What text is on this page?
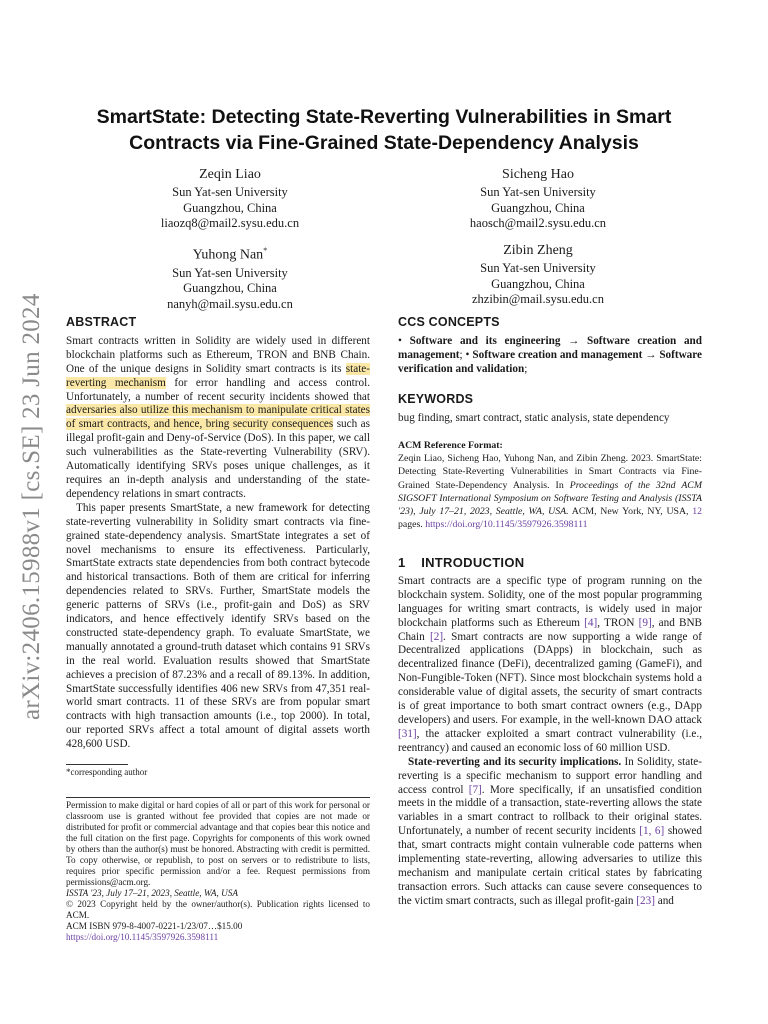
arXiv:2406.15988v1 [cs.SE] 23 Jun 2024
SmartState: Detecting State-Reverting Vulnerabilities in Smart
Contracts via Fine-Grained State-Dependency Analysis
Zeqin Liao
Sun Yat-sen University
Guangzhou, China
liaozq8@mail2.sysu.edu.cn
Sicheng Hao
Sun Yat-sen University
Guangzhou, China
haosch@mail2.sysu.edu.cn
Yuhong Nan*
Sun Yat-sen University
Guangzhou, China
nanyh@mail.sysu.edu.cn
Zibin Zheng
Sun Yat-sen University
Guangzhou, China
zhzibin@mail.sysu.edu.cn
ABSTRACT

Smart contracts written in Solidity are widely used in different blockchain platforms such as Ethereum, TRON and BNB Chain. One of the unique designs in Solidity smart contracts is its state-reverting mechanism for error handling and access control. Unfortunately, a number of recent security incidents showed that adversaries also utilize this mechanism to manipulate critical states of smart contracts, and hence, bring security consequences such as illegal profit-gain and Deny-of-Service (DoS). In this paper, we call such vulnerabilities as the State-reverting Vulnerability (SRV). Automatically identifying SRVs poses unique challenges, as it requires an in-depth analysis and understanding of the state-dependency relations in smart contracts.

This paper presents SmartState, a new framework for detecting state-reverting vulnerability in Solidity smart contracts via fine-grained state-dependency analysis. SmartState integrates a set of novel mechanisms to ensure its effectiveness. Particularly, SmartState extracts state dependencies from both contract bytecode and historical transactions. Both of them are critical for inferring dependencies related to SRVs. Further, SmartState models the generic patterns of SRVs (i.e., profit-gain and DoS) as SRV indicators, and hence effectively identify SRVs based on the constructed state-dependency graph. To evaluate SmartState, we manually annotated a ground-truth dataset which contains 91 SRVs in the real world. Evaluation results showed that SmartState achieves a precision of 87.23% and a recall of 89.13%. In addition, SmartState successfully identifies 406 new SRVs from 47,351 real-world smart contracts. 11 of these SRVs are from popular smart contracts with high transaction amounts (i.e., top 2000). In total, our reported SRVs affect a total amount of digital assets worth 428,600 USD.

*corresponding author
Permission to make digital or hard copies of all or part of this work for personal or classroom use is granted without fee provided that copies are not made or distributed for profit or commercial advantage and that copies bear this notice and the full citation on the first page. Copyrights for components of this work owned by others than the author(s) must be honored. Abstracting with credit is permitted. To copy otherwise, or republish, to post on servers or to redistribute to lists, requires prior specific permission and/or a fee. Request permissions from permissions@acm.org.
ISSTA '23, July 17–21, 2023, Seattle, WA, USA
© 2023 Copyright held by the owner/author(s). Publication rights licensed to ACM.
ACM ISBN 979-8-4007-0221-1/23/07…$15.00
https://doi.org/10.1145/3597926.3598111
CCS CONCEPTS

• Software and its engineering → Software creation and management; • Software creation and management → Software verification and validation;

KEYWORDS

bug finding, smart contract, static analysis, state dependency

ACM Reference Format:

Zeqin Liao, Sicheng Hao, Yuhong Nan, and Zibin Zheng. 2023. SmartState: Detecting State-Reverting Vulnerabilities in Smart Contracts via Fine-Grained State-Dependency Analysis. In Proceedings of the 32nd ACM SIGSOFT International Symposium on Software Testing and Analysis (ISSTA '23), July 17–21, 2023, Seattle, WA, USA. ACM, New York, NY, USA, 12 pages. https://doi.org/10.1145/3597926.3598111

1 INTRODUCTION

Smart contracts are a specific type of program running on the blockchain system. Solidity, one of the most popular programming languages for writing smart contracts, is widely used in major blockchain platforms such as Ethereum [4], TRON [9], and BNB Chain [2]. Smart contracts are now supporting a wide range of Decentralized applications (DApps) in blockchain, such as decentralized finance (DeFi), decentralized gaming (GameFi), and Non-Fungible-Token (NFT). Since most blockchain systems hold a considerable value of digital assets, the security of smart contracts is of great importance to both smart contract owners (e.g., DApp developers) and users. For example, in the well-known DAO attack [31], the attacker exploited a smart contract vulnerability (i.e., reentrancy) and caused an economic loss of 60 million USD.

State-reverting and its security implications. In Solidity, state-reverting is a specific mechanism to support error handling and access control [7]. More specifically, if an unsatisfied condition meets in the middle of a transaction, state-reverting allows the state variables in a smart contract to rollback to their original states. Unfortunately, a number of recent security incidents [1, 6] showed that, smart contracts might contain vulnerable code patterns when implementing state-reverting, allowing adversaries to utilize this mechanism and manipulate certain critical states by fabricating transaction errors. Such attacks can cause severe consequences to the victim smart contracts, such as illegal profit-gain [23] and
